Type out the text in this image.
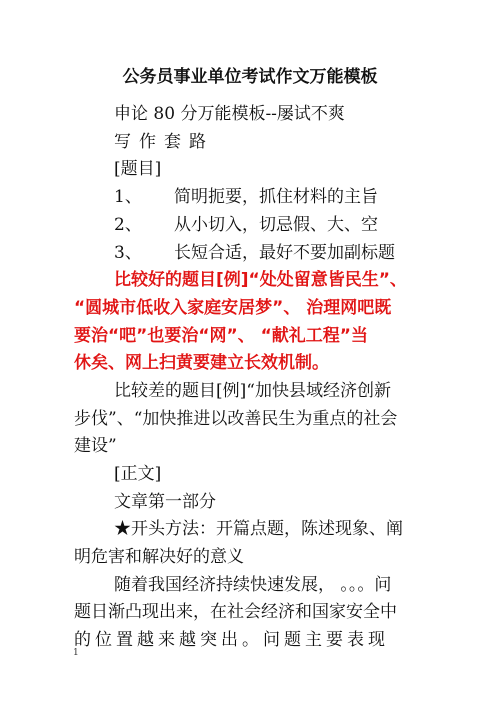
公务员事业单位考试作文万能模板
申论 80 分万能模板--屡试不爽
写作套路
[题目]
1、 简明扼要，抓住材料的主旨
2、 从小切入，切忌假、大、空
3、 长短合适，最好不要加副标题
比较好的题目[例]“处处留意皆民生”、
“圆城市低收入家庭安居梦”、 治理网吧既
要治“吧”也要治“网”、 “献礼工程”当
休矣、网上扫黄要建立长效机制。
比较差的题目[例]“加快县域经济创新
步伐”、“加快推进以改善民生为重点的社会
建设”
[正文]
文章第一部分
★开头方法：开篇点题，陈述现象、阐
明危害和解决好的意义
随着我国经济持续快速发展， 。。。问
题日渐凸现出来，在社会经济和国家安全中
的位置越来越突出。问题主要表现
1
